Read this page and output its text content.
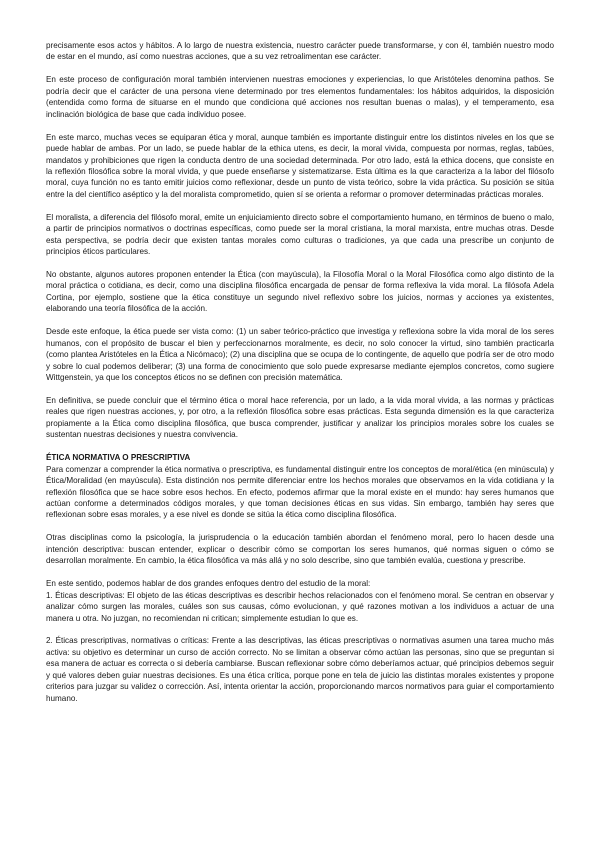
precisamente esos actos y hábitos. A lo largo de nuestra existencia, nuestro carácter puede transformarse, y con él, también nuestro modo de estar en el mundo, así como nuestras acciones, que a su vez retroalimentan ese carácter.

En este proceso de configuración moral también intervienen nuestras emociones y experiencias, lo que Aristóteles denomina pathos. Se podría decir que el carácter de una persona viene determinado por tres elementos fundamentales: los hábitos adquiridos, la disposición (entendida como forma de situarse en el mundo que condiciona qué acciones nos resultan buenas o malas), y el temperamento, esa inclinación biológica de base que cada individuo posee.

En este marco, muchas veces se equiparan ética y moral, aunque también es importante distinguir entre los distintos niveles en los que se puede hablar de ambas. Por un lado, se puede hablar de la ethica utens, es decir, la moral vivida, compuesta por normas, reglas, tabúes, mandatos y prohibiciones que rigen la conducta dentro de una sociedad determinada. Por otro lado, está la ethica docens, que consiste en la reflexión filosófica sobre la moral vivida, y que puede enseñarse y sistematizarse. Esta última es la que caracteriza a la labor del filósofo moral, cuya función no es tanto emitir juicios como reflexionar, desde un punto de vista teórico, sobre la vida práctica. Su posición se sitúa entre la del científico aséptico y la del moralista comprometido, quien sí se orienta a reformar o promover determinadas prácticas morales.

El moralista, a diferencia del filósofo moral, emite un enjuiciamiento directo sobre el comportamiento humano, en términos de bueno o malo, a partir de principios normativos o doctrinas específicas, como puede ser la moral cristiana, la moral marxista, entre muchas otras. Desde esta perspectiva, se podría decir que existen tantas morales como culturas o tradiciones, ya que cada una prescribe un conjunto de principios éticos particulares.

No obstante, algunos autores proponen entender la Ética (con mayúscula), la Filosofía Moral o la Moral Filosófica como algo distinto de la moral práctica o cotidiana, es decir, como una disciplina filosófica encargada de pensar de forma reflexiva la vida moral. La filósofa Adela Cortina, por ejemplo, sostiene que la ética constituye un segundo nivel reflexivo sobre los juicios, normas y acciones ya existentes, elaborando una teoría filosófica de la acción.

Desde este enfoque, la ética puede ser vista como: (1) un saber teórico-práctico que investiga y reflexiona sobre la vida moral de los seres humanos, con el propósito de buscar el bien y perfeccionarnos moralmente, es decir, no solo conocer la virtud, sino también practicarla (como plantea Aristóteles en la Ética a Nicómaco); (2) una disciplina que se ocupa de lo contingente, de aquello que podría ser de otro modo y sobre lo cual podemos deliberar; (3) una forma de conocimiento que solo puede expresarse mediante ejemplos concretos, como sugiere Wittgenstein, ya que los conceptos éticos no se definen con precisión matemática.

En definitiva, se puede concluir que el término ética o moral hace referencia, por un lado, a la vida moral vivida, a las normas y prácticas reales que rigen nuestras acciones, y, por otro, a la reflexión filosófica sobre esas prácticas. Esta segunda dimensión es la que caracteriza propiamente a la Ética como disciplina filosófica, que busca comprender, justificar y analizar los principios morales sobre los cuales se sustentan nuestras decisiones y nuestra convivencia.

ÉTICA NORMATIVA O PRESCRIPTIVA

Para comenzar a comprender la ética normativa o prescriptiva, es fundamental distinguir entre los conceptos de moral/ética (en minúscula) y Ética/Moralidad (en mayúscula). Esta distinción nos permite diferenciar entre los hechos morales que observamos en la vida cotidiana y la reflexión filosófica que se hace sobre esos hechos. En efecto, podemos afirmar que la moral existe en el mundo: hay seres humanos que actúan conforme a determinados códigos morales, y que toman decisiones éticas en sus vidas. Sin embargo, también hay seres que reflexionan sobre esas morales, y a ese nivel es donde se sitúa la ética como disciplina filosófica.

Otras disciplinas como la psicología, la jurisprudencia o la educación también abordan el fenómeno moral, pero lo hacen desde una intención descriptiva: buscan entender, explicar o describir cómo se comportan los seres humanos, qué normas siguen o cómo se desarrollan moralmente. En cambio, la ética filosófica va más allá y no solo describe, sino que también evalúa, cuestiona y prescribe.

En este sentido, podemos hablar de dos grandes enfoques dentro del estudio de la moral:

1. Éticas descriptivas: El objeto de las éticas descriptivas es describir hechos relacionados con el fenómeno moral. Se centran en observar y analizar cómo surgen las morales, cuáles son sus causas, cómo evolucionan, y qué razones motivan a los individuos a actuar de una manera u otra. No juzgan, no recomiendan ni critican; simplemente estudian lo que es.

2. Éticas prescriptivas, normativas o críticas: Frente a las descriptivas, las éticas prescriptivas o normativas asumen una tarea mucho más activa: su objetivo es determinar un curso de acción correcto. No se limitan a observar cómo actúan las personas, sino que se preguntan si esa manera de actuar es correcta o si debería cambiarse. Buscan reflexionar sobre cómo deberíamos actuar, qué principios debemos seguir y qué valores deben guiar nuestras decisiones. Es una ética crítica, porque pone en tela de juicio las distintas morales existentes y propone criterios para juzgar su validez o corrección. Así, intenta orientar la acción, proporcionando marcos normativos para guiar el comportamiento humano.
